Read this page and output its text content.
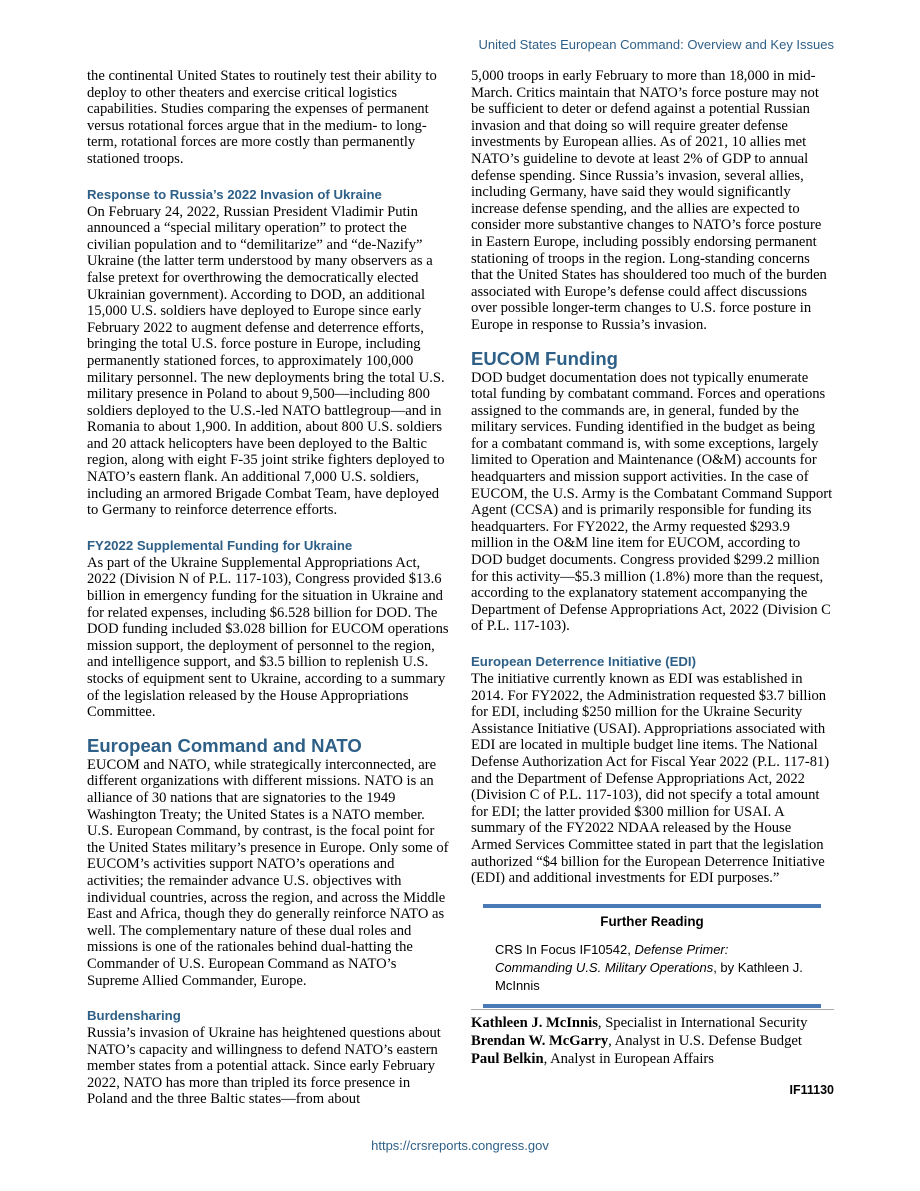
United States European Command: Overview and Key Issues

the continental United States to routinely test their ability to deploy to other theaters and exercise critical logistics capabilities. Studies comparing the expenses of permanent versus rotational forces argue that in the medium- to long-term, rotational forces are more costly than permanently stationed troops.

Response to Russia’s 2022 Invasion of Ukraine

On February 24, 2022, Russian President Vladimir Putin announced a “special military operation” to protect the civilian population and to “demilitarize” and “de-Nazify” Ukraine (the latter term understood by many observers as a false pretext for overthrowing the democratically elected Ukrainian government). According to DOD, an additional 15,000 U.S. soldiers have deployed to Europe since early February 2022 to augment defense and deterrence efforts, bringing the total U.S. force posture in Europe, including permanently stationed forces, to approximately 100,000 military personnel. The new deployments bring the total U.S. military presence in Poland to about 9,500—including 800 soldiers deployed to the U.S.-led NATO battlegroup—and in Romania to about 1,900. In addition, about 800 U.S. soldiers and 20 attack helicopters have been deployed to the Baltic region, along with eight F-35 joint strike fighters deployed to NATO’s eastern flank. An additional 7,000 U.S. soldiers, including an armored Brigade Combat Team, have deployed to Germany to reinforce deterrence efforts.

FY2022 Supplemental Funding for Ukraine

As part of the Ukraine Supplemental Appropriations Act, 2022 (Division N of P.L. 117-103), Congress provided $13.6 billion in emergency funding for the situation in Ukraine and for related expenses, including $6.528 billion for DOD. The DOD funding included $3.028 billion for EUCOM operations mission support, the deployment of personnel to the region, and intelligence support, and $3.5 billion to replenish U.S. stocks of equipment sent to Ukraine, according to a summary of the legislation released by the House Appropriations Committee.

European Command and NATO

EUCOM and NATO, while strategically interconnected, are different organizations with different missions. NATO is an alliance of 30 nations that are signatories to the 1949 Washington Treaty; the United States is a NATO member. U.S. European Command, by contrast, is the focal point for the United States military’s presence in Europe. Only some of EUCOM’s activities support NATO’s operations and activities; the remainder advance U.S. objectives with individual countries, across the region, and across the Middle East and Africa, though they do generally reinforce NATO as well. The complementary nature of these dual roles and missions is one of the rationales behind dual-hatting the Commander of U.S. European Command as NATO’s Supreme Allied Commander, Europe.

Burdensharing

Russia’s invasion of Ukraine has heightened questions about NATO’s capacity and willingness to defend NATO’s eastern member states from a potential attack. Since early February 2022, NATO has more than tripled its force presence in Poland and the three Baltic states—from about

5,000 troops in early February to more than 18,000 in mid-March. Critics maintain that NATO’s force posture may not be sufficient to deter or defend against a potential Russian invasion and that doing so will require greater defense investments by European allies. As of 2021, 10 allies met NATO’s guideline to devote at least 2% of GDP to annual defense spending. Since Russia’s invasion, several allies, including Germany, have said they would significantly increase defense spending, and the allies are expected to consider more substantive changes to NATO’s force posture in Eastern Europe, including possibly endorsing permanent stationing of troops in the region. Long-standing concerns that the United States has shouldered too much of the burden associated with Europe’s defense could affect discussions over possible longer-term changes to U.S. force posture in Europe in response to Russia’s invasion.

EUCOM Funding

DOD budget documentation does not typically enumerate total funding by combatant command. Forces and operations assigned to the commands are, in general, funded by the military services. Funding identified in the budget as being for a combatant command is, with some exceptions, largely limited to Operation and Maintenance (O&M) accounts for headquarters and mission support activities. In the case of EUCOM, the U.S. Army is the Combatant Command Support Agent (CCSA) and is primarily responsible for funding its headquarters. For FY2022, the Army requested $293.9 million in the O&M line item for EUCOM, according to DOD budget documents. Congress provided $299.2 million for this activity—$5.3 million (1.8%) more than the request, according to the explanatory statement accompanying the Department of Defense Appropriations Act, 2022 (Division C of P.L. 117-103).

European Deterrence Initiative (EDI)

The initiative currently known as EDI was established in 2014. For FY2022, the Administration requested $3.7 billion for EDI, including $250 million for the Ukraine Security Assistance Initiative (USAI). Appropriations associated with EDI are located in multiple budget line items. The National Defense Authorization Act for Fiscal Year 2022 (P.L. 117-81) and the Department of Defense Appropriations Act, 2022 (Division C of P.L. 117-103), did not specify a total amount for EDI; the latter provided $300 million for USAI. A summary of the FY2022 NDAA released by the House Armed Services Committee stated in part that the legislation authorized “$4 billion for the European Deterrence Initiative (EDI) and additional investments for EDI purposes.”

Further Reading
CRS In Focus IF10542, Defense Primer: Commanding U.S. Military Operations, by Kathleen J. McInnis

Kathleen J. McInnis, Specialist in International Security

Brendan W. McGarry, Analyst in U.S. Defense Budget

Paul Belkin, Analyst in European Affairs

IF11130
https://crsreports.congress.gov
